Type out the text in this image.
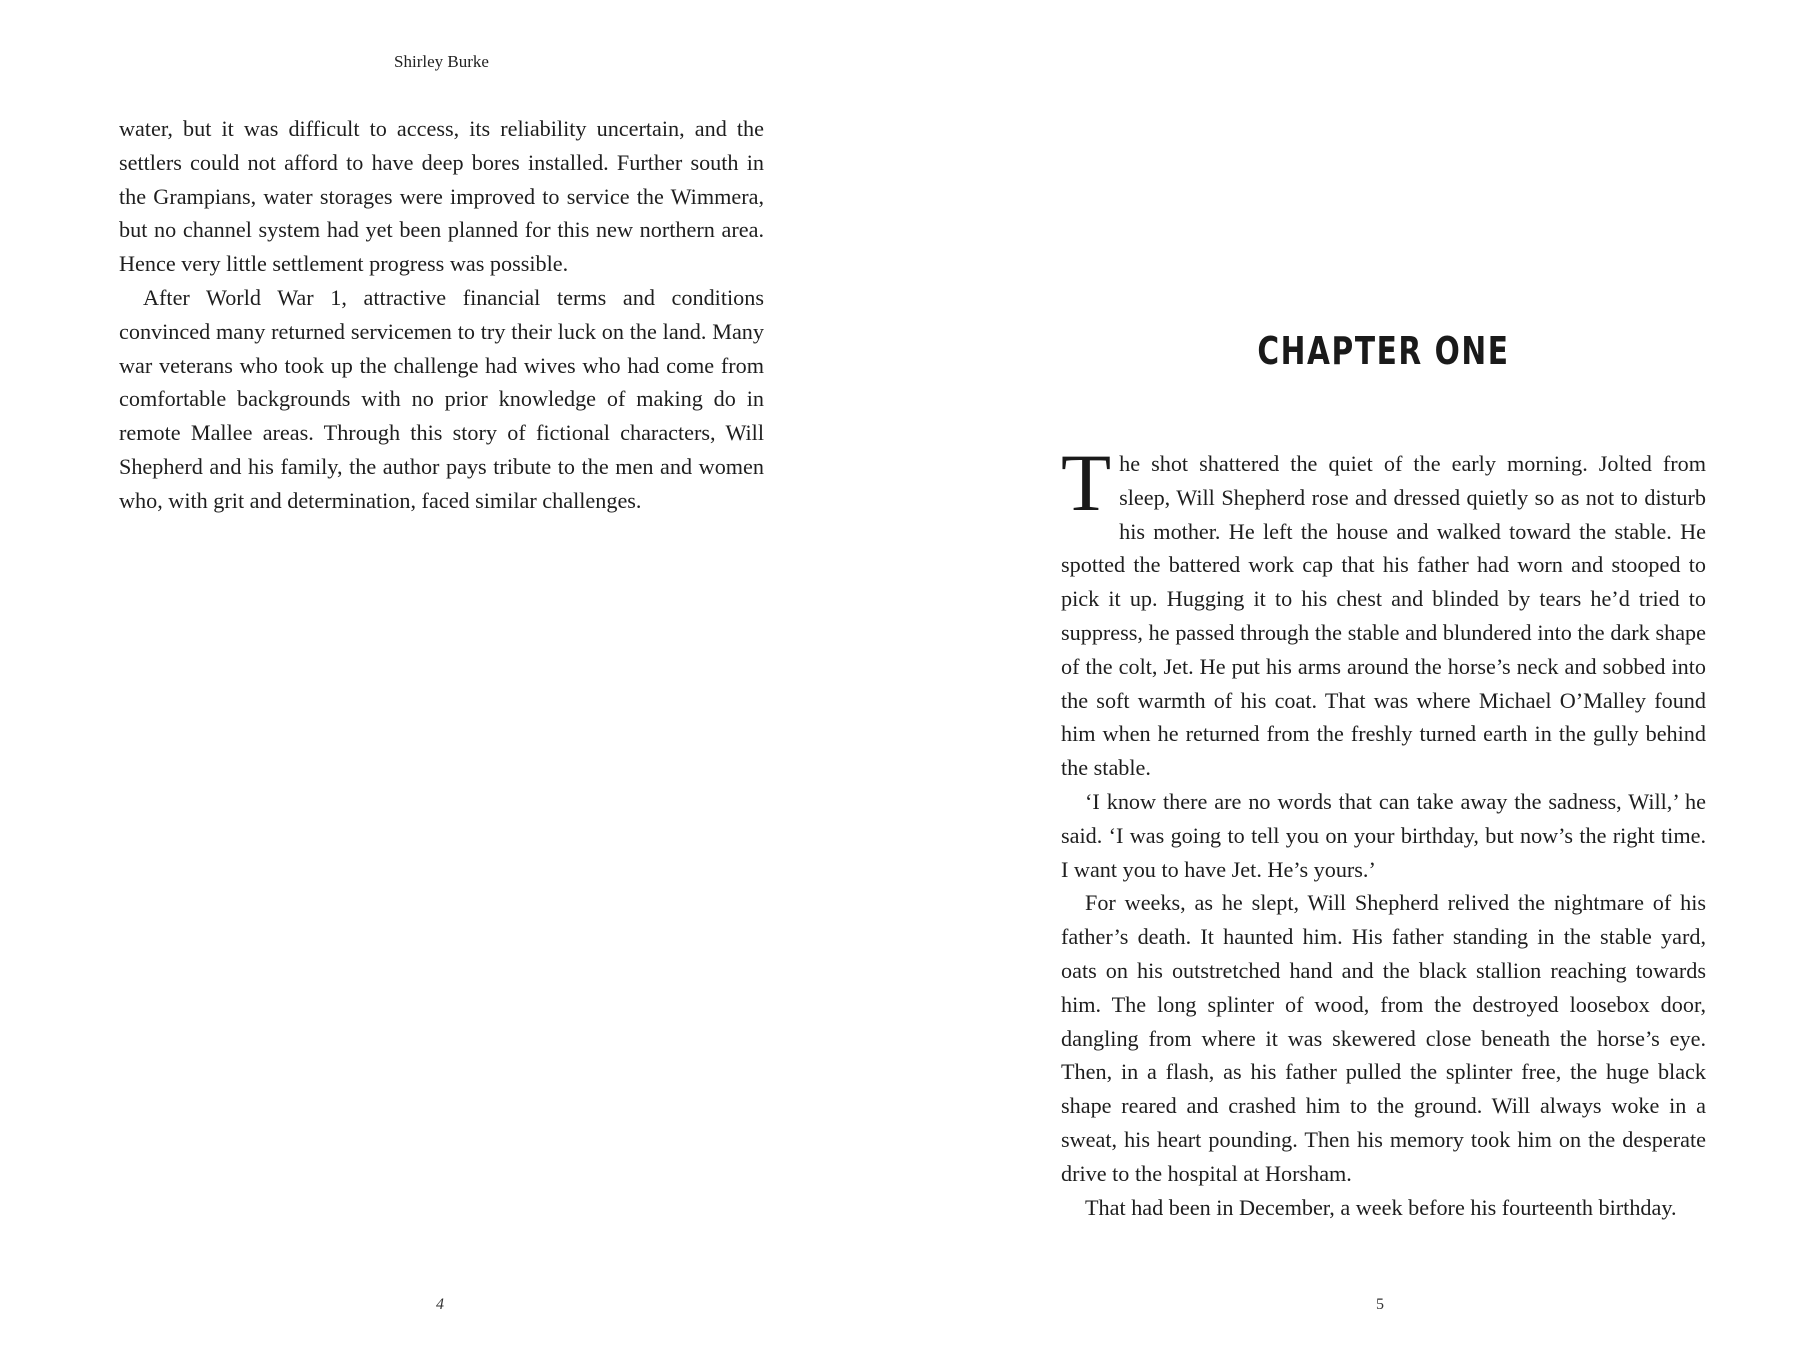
Shirley Burke

water, but it was difficult to access, its reliability uncertain, and the settlers could not afford to have deep bores installed. Further south in the Grampians, water storages were improved to service the Wimmera, but no channel system had yet been planned for this new northern area. Hence very little settlement progress was possible.

After World War 1, attractive financial terms and conditions convinced many returned servicemen to try their luck on the land. Many war veterans who took up the challenge had wives who had come from comfortable backgrounds with no prior knowledge of making do in remote Mallee areas. Through this story of fictional characters, Will Shepherd and his family, the author pays tribute to the men and women who, with grit and determination, faced similar challenges.

4
CHAPTER ONE

The shot shattered the quiet of the early morning. Jolted from sleep, Will Shepherd rose and dressed quietly so as not to disturb his mother. He left the house and walked toward the stable. He spotted the battered work cap that his father had worn and stooped to pick it up. Hugging it to his chest and blinded by tears he’d tried to suppress, he passed through the stable and blundered into the dark shape of the colt, Jet. He put his arms around the horse’s neck and sobbed into the soft warmth of his coat. That was where Michael O’Malley found him when he returned from the freshly turned earth in the gully behind the stable.

‘I know there are no words that can take away the sadness, Will,’ he said. ‘I was going to tell you on your birthday, but now’s the right time. I want you to have Jet. He’s yours.’

For weeks, as he slept, Will Shepherd relived the nightmare of his father’s death. It haunted him. His father standing in the stable yard, oats on his outstretched hand and the black stallion reaching towards him. The long splinter of wood, from the destroyed loosebox door, dangling from where it was skewered close beneath the horse’s eye. Then, in a flash, as his father pulled the splinter free, the huge black shape reared and crashed him to the ground. Will always woke in a sweat, his heart pounding. Then his memory took him on the desperate drive to the hospital at Horsham.

That had been in December, a week before his fourteenth birthday.

5
